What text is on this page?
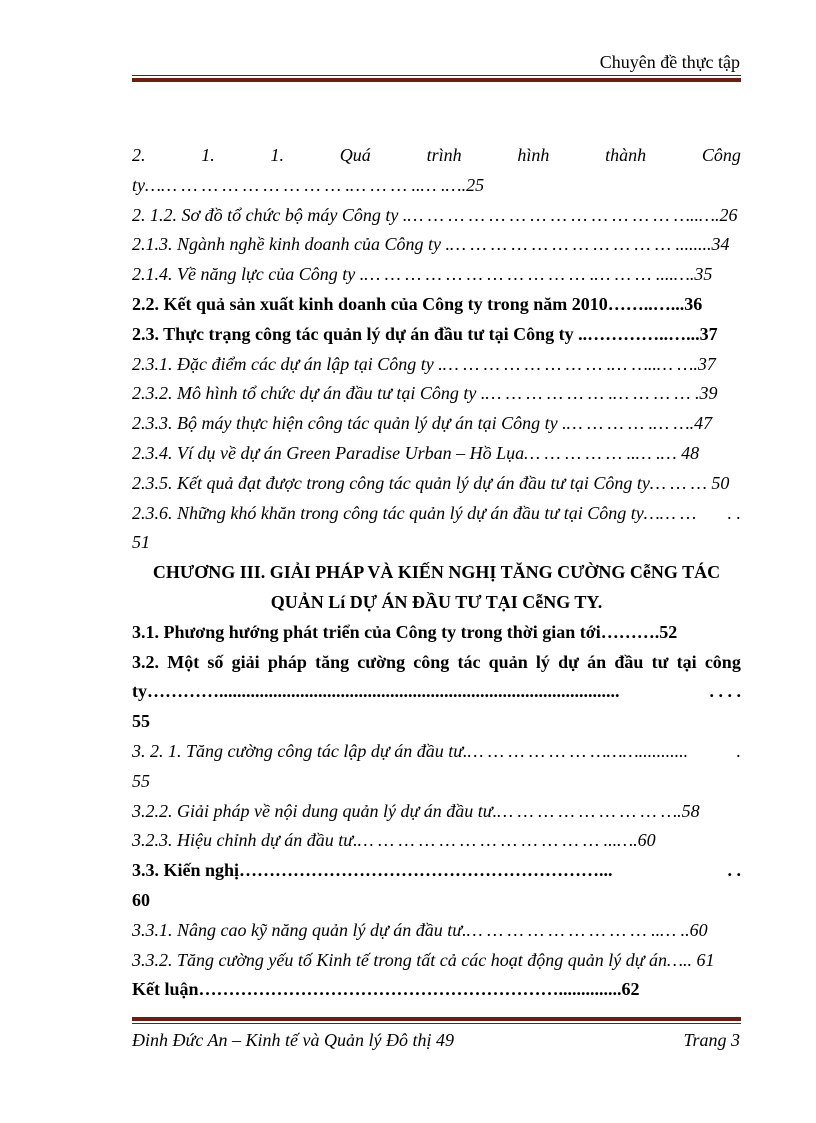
Chuyên đề thực tập
2.	1.	1.	Quá	trình	hình	thành	Công
ty…… … … … … … … … … .… … … ..… .….25
2. 1.2. Sơ đồ tổ chức bộ máy Công ty .… … … … … … … … … … … … … …..….26
2.1.3. Ngành nghề kinh doanh của Công ty .… … … … … … … … … … … ........34
2.1.4. Về năng lực của Công ty .… … … … … … … … … … … .… … … ....….35
2.2. Kết quả sản xuất kinh doanh của Công ty trong năm 2010……..…...36
2.3. Thực trạng công tác quản lý dự án đầu tư tại Công ty ..…………..…...37
2.3.1. Đặc điểm các dự án lập tại Công ty .… … … … … … … … .… …..… ….37
2.3.2. Mô hình tổ chức dự án đầu tư tại Công ty .… … … … … … .… … … … .39
2.3.3. Bộ máy thực hiện công tác quản lý dự án tại Công ty .… … … … .… ….47
2.3.4. Ví dụ về dự án Green Paradise Urban – Hồ Lụa… … … … … ..… .… 48
2.3.5. Kết quả đạt được trong công tác quản lý dự án đầu tư tại Công ty… … … 50
2.3.6. Những khó khăn trong công tác quản lý dự án đầu tư tại Công ty…… … . .
51
CHƯƠNG III. GIẢI PHÁP VÀ KIẾN NGHỊ TĂNG CƯỜNG CễNG TÁC
QUẢN Lí DỰ ÁN ĐẦU TƯ TẠI CễNG TY.
3.1. Phương hướng phát triển của Công ty trong thời gian tới……….52
3.2. Một số giải pháp tăng cường công tác quản lý dự án đầu tư tại công
ty………….........................................................................................	. . . .
55
3. 2. 1. Tăng cường công tác lập dự án đầu tư.… … … … … … ………...........	.
55
3.2.2. Giải pháp về nội dung quản lý dự án đầu tư.… … … … … … … … ….58
3.2.3. Hiệu chỉnh dự án đầu tư.… … … … … … … … … … … … ...….60
3.3. Kiến nghị……………………………………………………...	. .
60
3.3.1. Nâng cao kỹ năng quản lý dự án đầu tư.… … … … … … … … … ..… ..60
3.3.2. Tăng cường yếu tố Kinh tế trong tất cả các hoạt động quản lý dự án….. 61
Kết luận……………………………………………………..............62
Đinh Đức An – Kinh tế và Quản lý Đô thị 49	Trang 3
